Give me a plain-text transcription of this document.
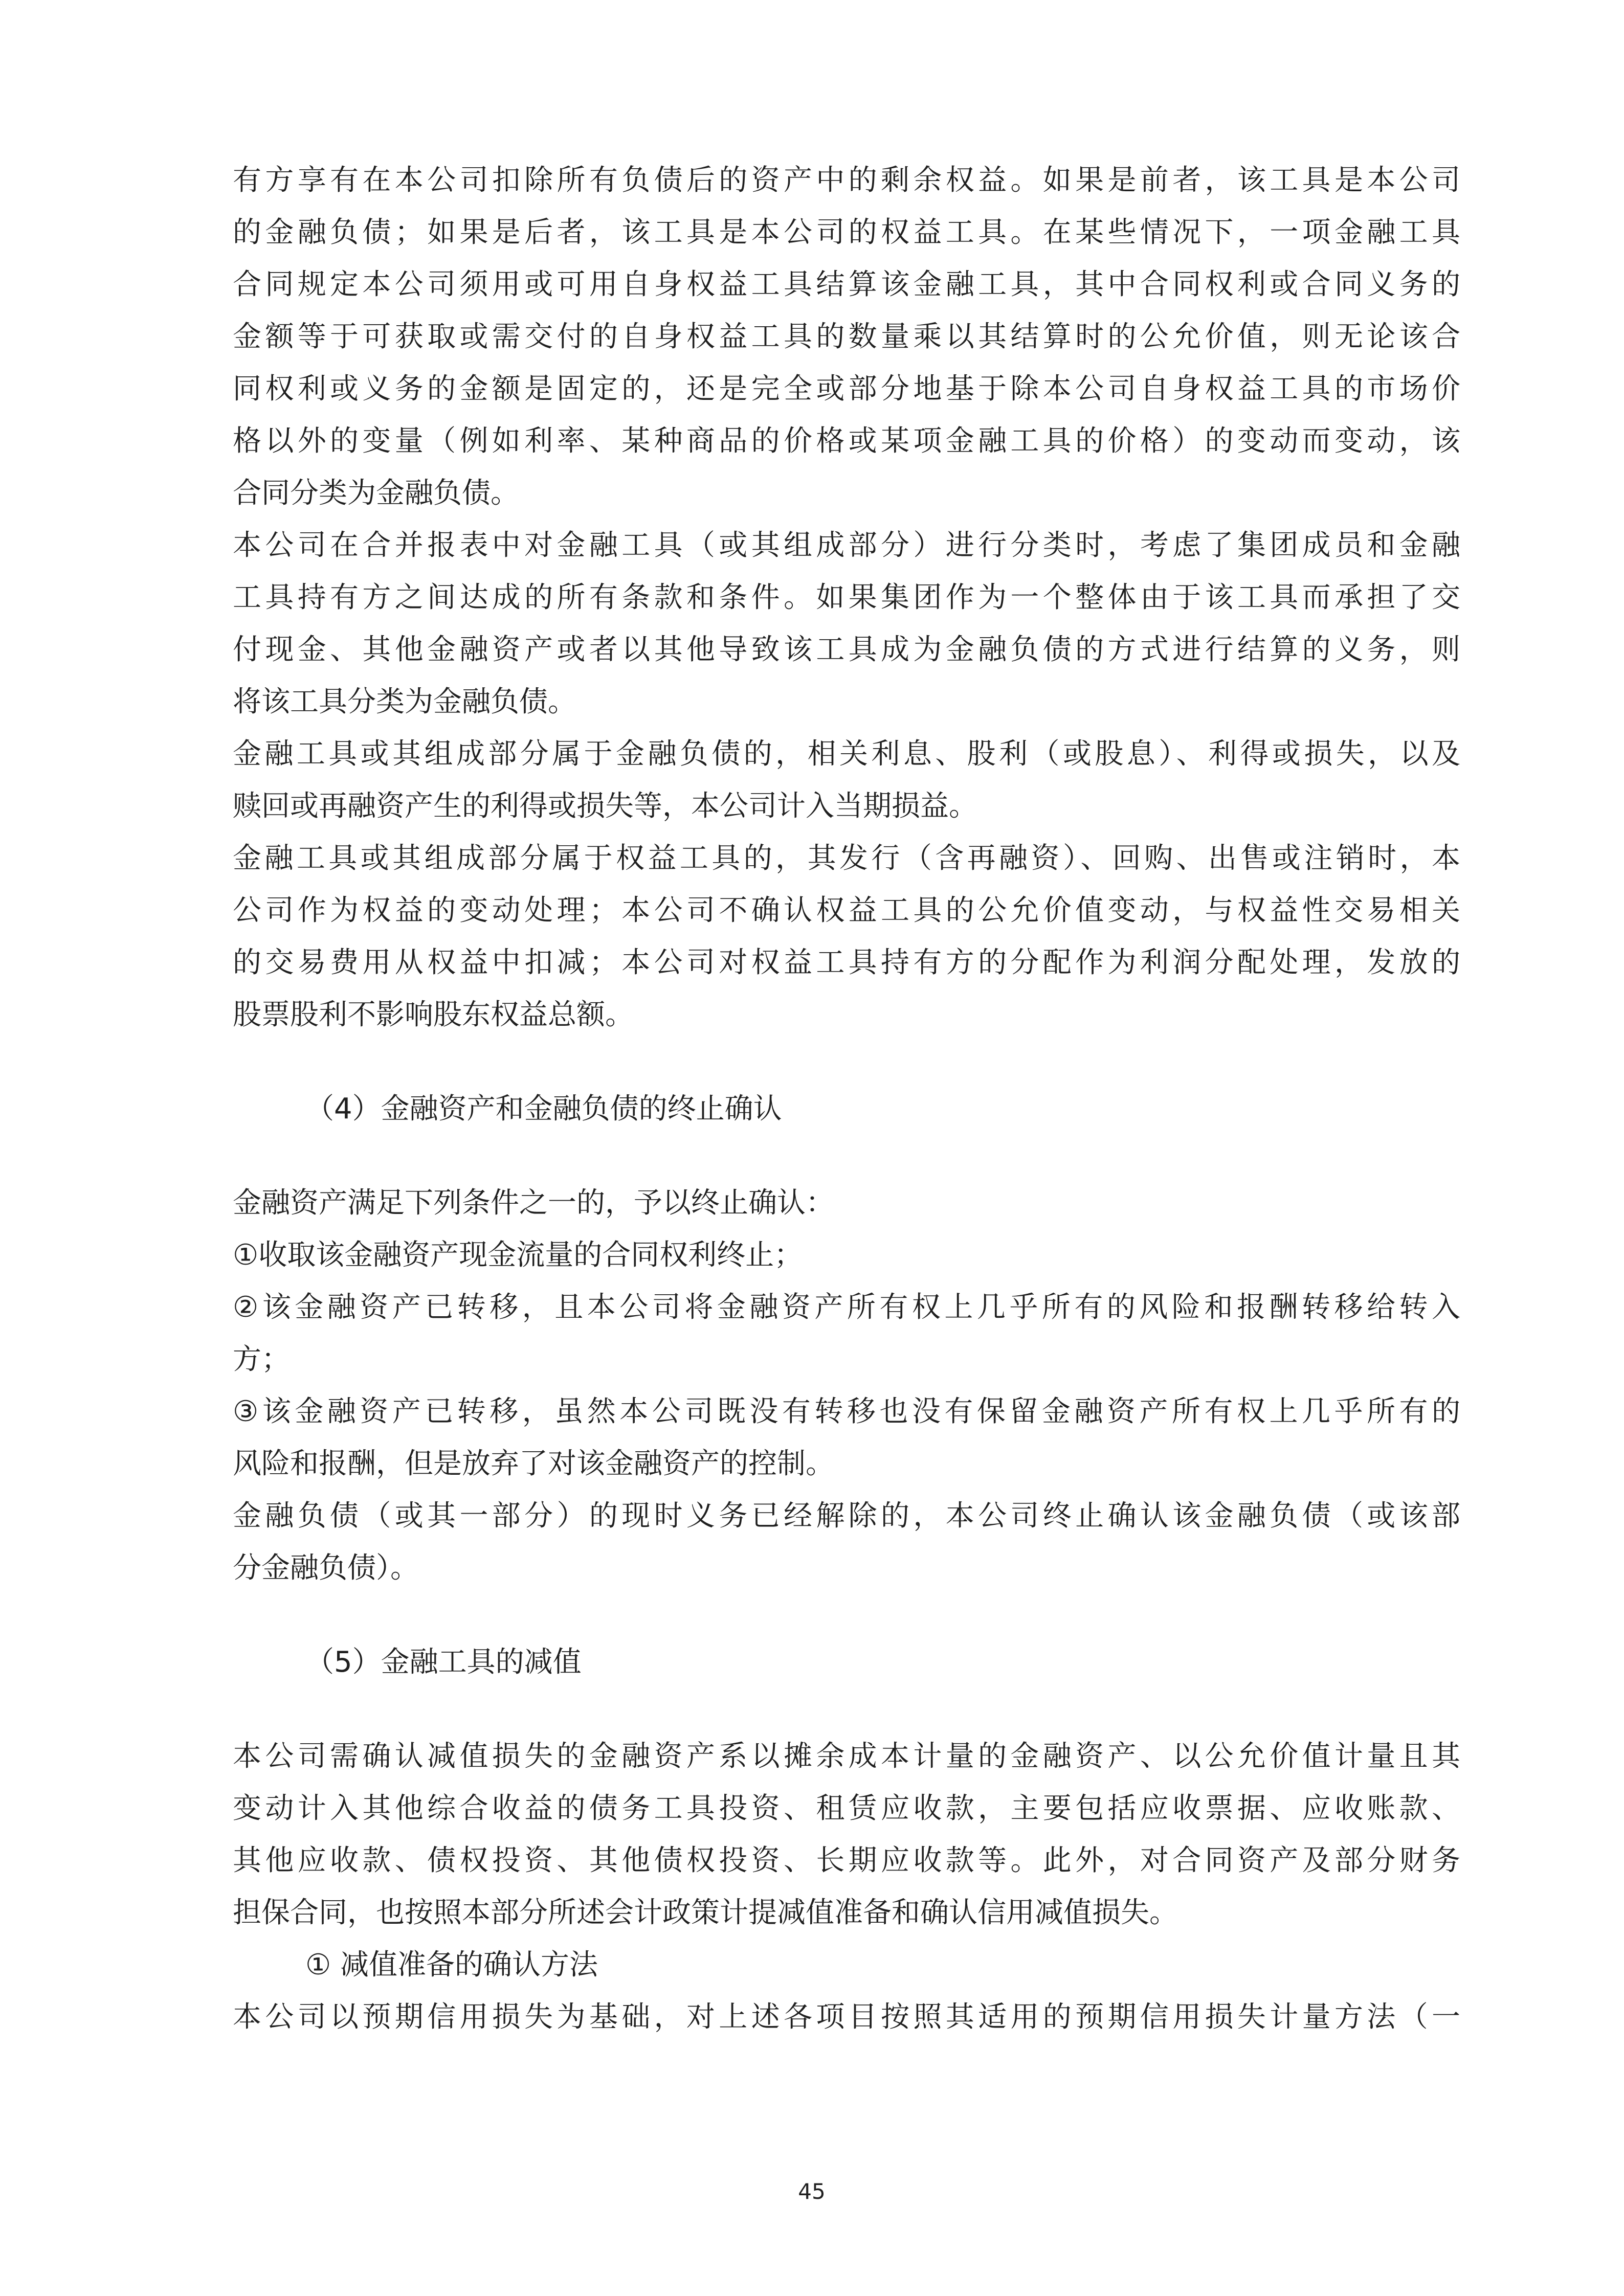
有方享有在本公司扣除所有负债后的资产中的剩余权益。如果是前者，该工具是本公司

的金融负债；如果是后者，该工具是本公司的权益工具。在某些情况下，一项金融工具

合同规定本公司须用或可用自身权益工具结算该金融工具，其中合同权利或合同义务的

金额等于可获取或需交付的自身权益工具的数量乘以其结算时的公允价值，则无论该合

同权利或义务的金额是固定的，还是完全或部分地基于除本公司自身权益工具的市场价

格以外的变量（例如利率、某种商品的价格或某项金融工具的价格）的变动而变动，该

合同分类为金融负债。

本公司在合并报表中对金融工具（或其组成部分）进行分类时，考虑了集团成员和金融

工具持有方之间达成的所有条款和条件。如果集团作为一个整体由于该工具而承担了交

付现金、其他金融资产或者以其他导致该工具成为金融负债的方式进行结算的义务，则

将该工具分类为金融负债。

金融工具或其组成部分属于金融负债的，相关利息、股利（或股息）、利得或损失，以及

赎回或再融资产生的利得或损失等，本公司计入当期损益。

金融工具或其组成部分属于权益工具的，其发行（含再融资）、回购、出售或注销时，本

公司作为权益的变动处理；本公司不确认权益工具的公允价值变动，与权益性交易相关

的交易费用从权益中扣减；本公司对权益工具持有方的分配作为利润分配处理，发放的

股票股利不影响股东权益总额。

（4）金融资产和金融负债的终止确认

金融资产满足下列条件之一的，予以终止确认：

①收取该金融资产现金流量的合同权利终止；

②该金融资产已转移，且本公司将金融资产所有权上几乎所有的风险和报酬转移给转入

方；

③该金融资产已转移，虽然本公司既没有转移也没有保留金融资产所有权上几乎所有的

风险和报酬，但是放弃了对该金融资产的控制。

金融负债（或其一部分）的现时义务已经解除的，本公司终止确认该金融负债（或该部

分金融负债）。

（5）金融工具的减值

本公司需确认减值损失的金融资产系以摊余成本计量的金融资产、以公允价值计量且其

变动计入其他综合收益的债务工具投资、租赁应收款，主要包括应收票据、应收账款、

其他应收款、债权投资、其他债权投资、长期应收款等。此外，对合同资产及部分财务

担保合同，也按照本部分所述会计政策计提减值准备和确认信用减值损失。

① 减值准备的确认方法

本公司以预期信用损失为基础，对上述各项目按照其适用的预期信用损失计量方法（一

45
